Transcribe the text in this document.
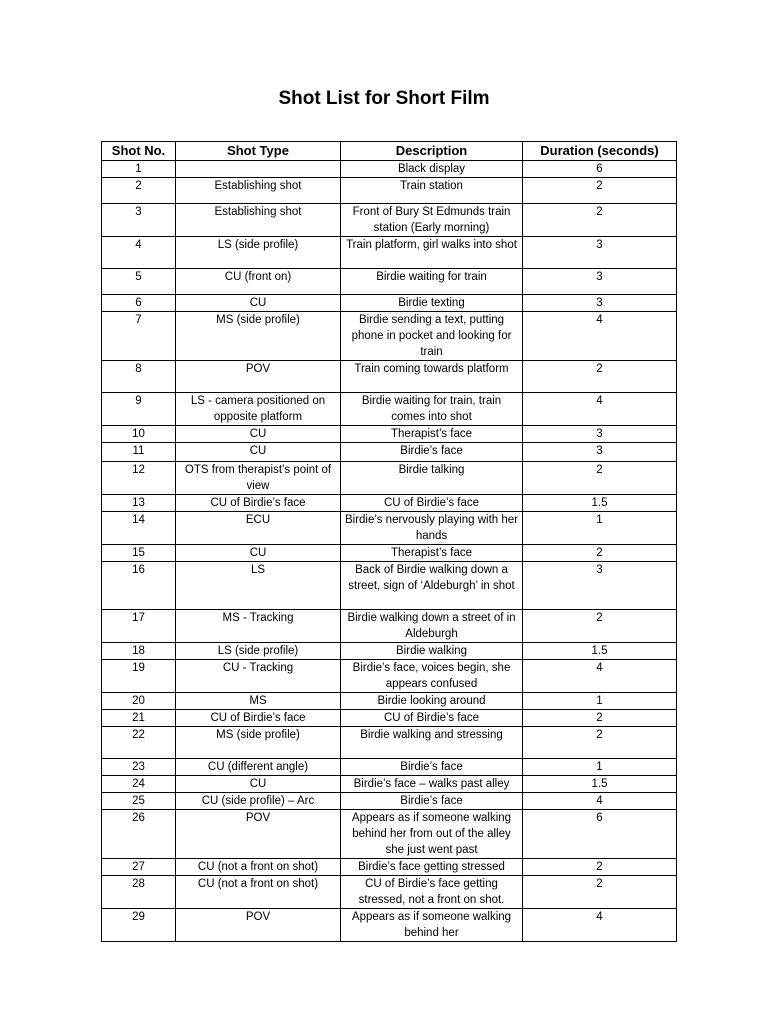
Shot List for Short Film
Shot No.	Shot Type	Description	Duration (seconds)
1		Black display	6
2	Establishing shot	Train station	2
3	Establishing shot	Front of Bury St Edmunds train station (Early morning)	2
4	LS (side profile)	Train platform, girl walks into shot	3
5	CU (front on)	Birdie waiting for train	3
6	CU	Birdie texting	3
7	MS (side profile)	Birdie sending a text, putting phone in pocket and looking for train	4
8	POV	Train coming towards platform	2
9	LS - camera positioned on opposite platform	Birdie waiting for train, train comes into shot	4
10	CU	Therapist’s face	3
11	CU	Birdie’s face	3
12	OTS from therapist’s point of view	Birdie talking	2
13	CU of Birdie’s face	CU of Birdie’s face	1.5
14	ECU	Birdie’s nervously playing with her hands	1
15	CU	Therapist’s face	2
16	LS	Back of Birdie walking down a street, sign of ‘Aldeburgh’ in shot	3
17	MS - Tracking	Birdie walking down a street of in Aldeburgh	2
18	LS (side profile)	Birdie walking	1.5
19	CU - Tracking	Birdie’s face, voices begin, she appears confused	4
20	MS	Birdie looking around	1
21	CU of Birdie’s face	CU of Birdie’s face	2
22	MS (side profile)	Birdie walking and stressing	2
23	CU (different angle)	Birdie’s face	1
24	CU	Birdie’s face – walks past alley	1.5
25	CU (side profile) – Arc	Birdie’s face	4
26	POV	Appears as if someone walking behind her from out of the alley she just went past	6
27	CU (not a front on shot)	Birdie’s face getting stressed	2
28	CU (not a front on shot)	CU of Birdie’s face getting stressed, not a front on shot.	2
29	POV	Appears as if someone walking behind her	4
